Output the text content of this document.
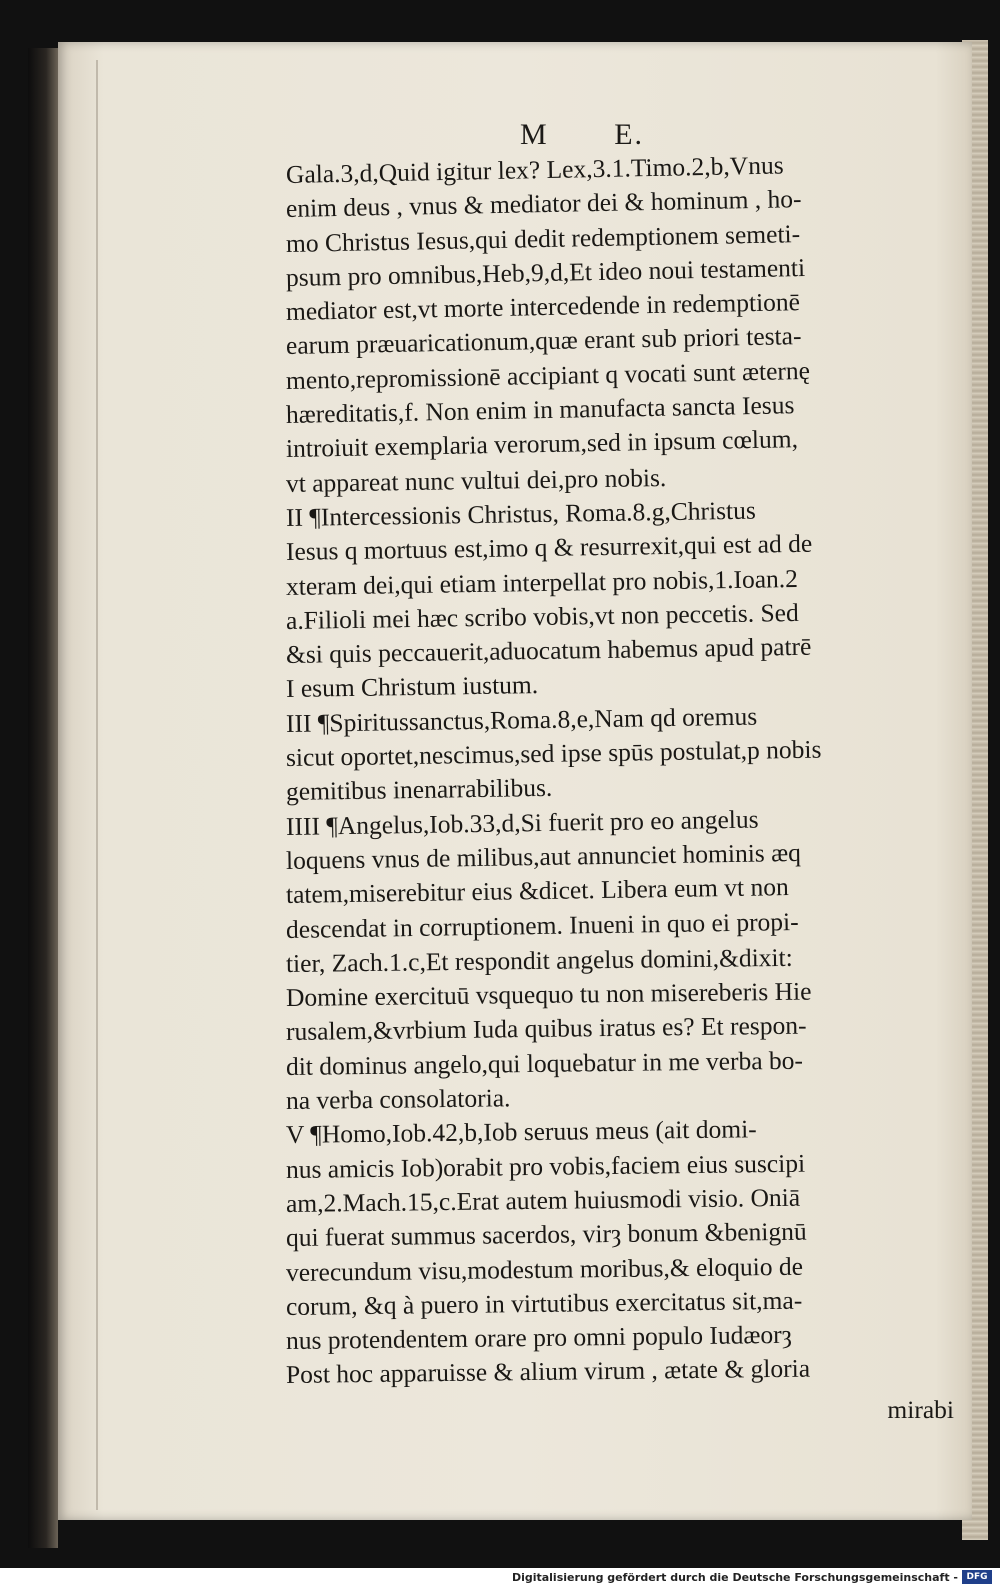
M E.
Gala.3,d,Quid igitur lex? Lex,3.1.Timo.2,b,Vnus
enim deus , vnus & mediator dei & hominum , ho-
mo Christus Iesus,qui dedit redemptionem semeti-
psum pro omnibus,Heb,9,d,Et ideo noui testamenti
mediator est,vt morte intercedende in redemptionē
earum præuaricationum,quæ erant sub priori testa-
mento,repromissionē accipiant q vocati sunt æternę
hæreditatis,f. Non enim in manufacta sancta Iesus
introiuit exemplaria verorum,sed in ipsum cœlum,
vt appareat nunc vultui dei,pro nobis.
II ¶Intercessionis Christus, Roma.8.g,Christus
Iesus q mortuus est,imo q & resurrexit,qui est ad de
xteram dei,qui etiam interpellat pro nobis,1.Ioan.2
a.Filioli mei hæc scribo vobis,vt non peccetis. Sed
&si quis peccauerit,aduocatum habemus apud patrē
I esum Christum iustum.
III ¶Spiritussanctus,Roma.8,e,Nam qd oremus
sicut oportet,nescimus,sed ipse spūs postulat,p nobis
gemitibus inenarrabilibus.
IIII ¶Angelus,Iob.33,d,Si fuerit pro eo angelus
loquens vnus de milibus,aut annunciet hominis æq
tatem,miserebitur eius &dicet. Libera eum vt non
descendat in corruptionem. Inueni in quo ei propi-
tier, Zach.1.c,Et respondit angelus domini,&dixit:
Domine exercituū vsquequo tu non misereberis Hie
rusalem,&vrbium Iuda quibus iratus es? Et respon-
dit dominus angelo,qui loquebatur in me verba bo-
na verba consolatoria.
V ¶Homo,Iob.42,b,Iob seruus meus (ait domi-
nus amicis Iob)orabit pro vobis,faciem eius suscipi
am,2.Mach.15,c.Erat autem huiusmodi visio. Oniā
qui fuerat summus sacerdos, virȝ bonum &benignū
verecundum visu,modestum moribus,& eloquio de
corum, &q à puero in virtutibus exercitatus sit,ma-
nus protendentem orare pro omni populo Iudæorȝ
Post hoc apparuisse & alium virum , ætate & gloria
mirabi
Digitalisierung gefördert durch die Deutsche Forschungsgemeinschaft - DFG
